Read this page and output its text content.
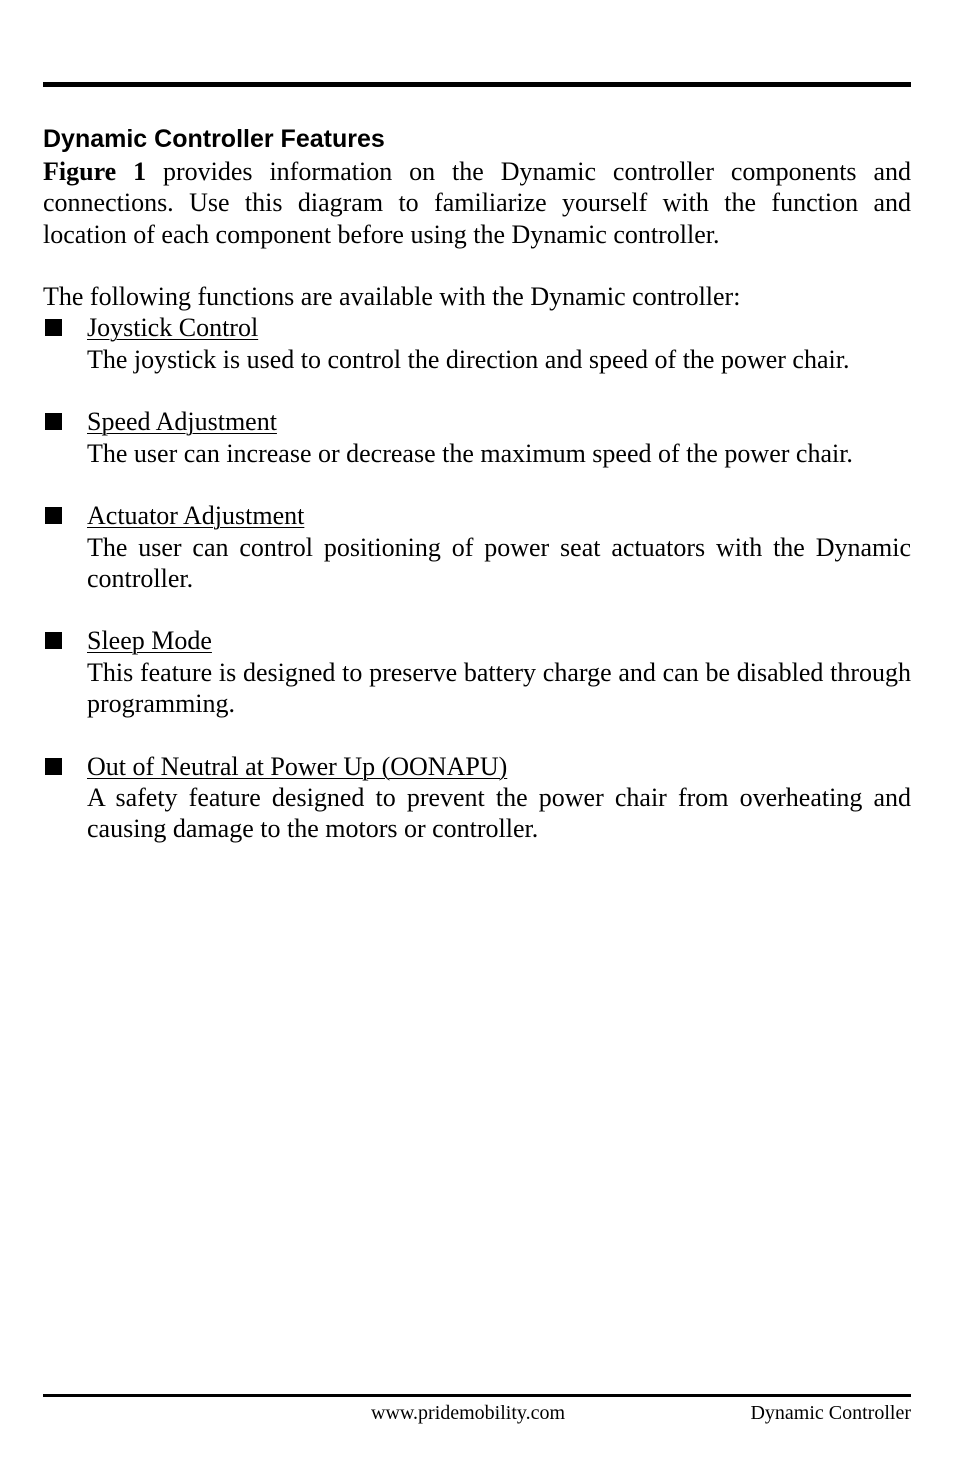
Dynamic Controller Features

Figure 1 provides information on the Dynamic controller components and connections. Use this diagram to familiarize yourself with the function and location of each component before using the Dynamic controller.

The following functions are available with the Dynamic controller:

Joystick Control

The joystick is used to control the direction and speed of the power chair.

Speed Adjustment

The user can increase or decrease the maximum speed of the power chair.

Actuator Adjustment

The user can control positioning of power seat actuators with the Dynamic controller.

Sleep Mode

This feature is designed to preserve battery charge and can be disabled through programming.

Out of Neutral at Power Up (OONAPU)

A safety feature designed to prevent the power chair from overheating and causing damage to the motors or controller.

www.pridemobility.com	Dynamic Controller
